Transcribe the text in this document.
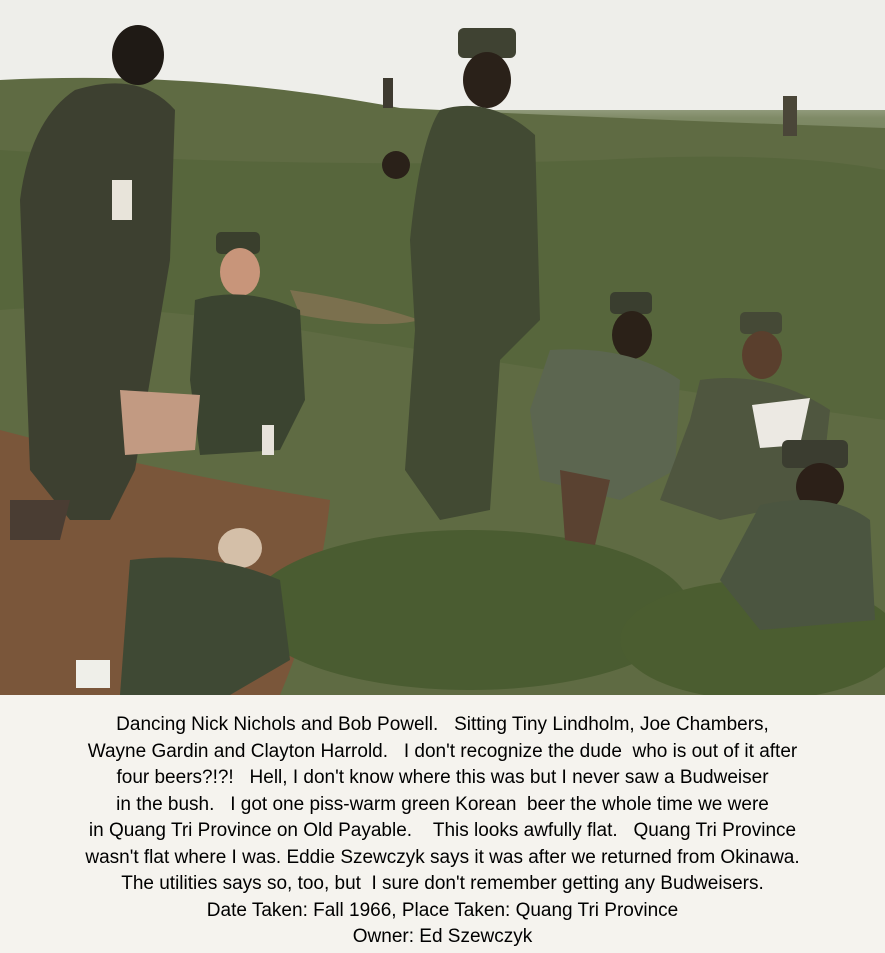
Dancing Nick Nichols and Bob Powell.   Sitting Tiny Lindholm, Joe Chambers,
Wayne Gardin and Clayton Harrold.   I don't recognize the dude  who is out of it after
four beers?!?!   Hell, I don't know where this was but I never saw a Budweiser
in the bush.   I got one piss-warm green Korean  beer the whole time we were
in Quang Tri Province on Old Payable.    This looks awfully flat.   Quang Tri Province
wasn't flat where I was. Eddie Szewczyk says it was after we returned from Okinawa.
The utilities says so, too, but  I sure don't remember getting any Budweisers.
Date Taken: Fall 1966, Place Taken: Quang Tri Province
Owner: Ed Szewczyk
